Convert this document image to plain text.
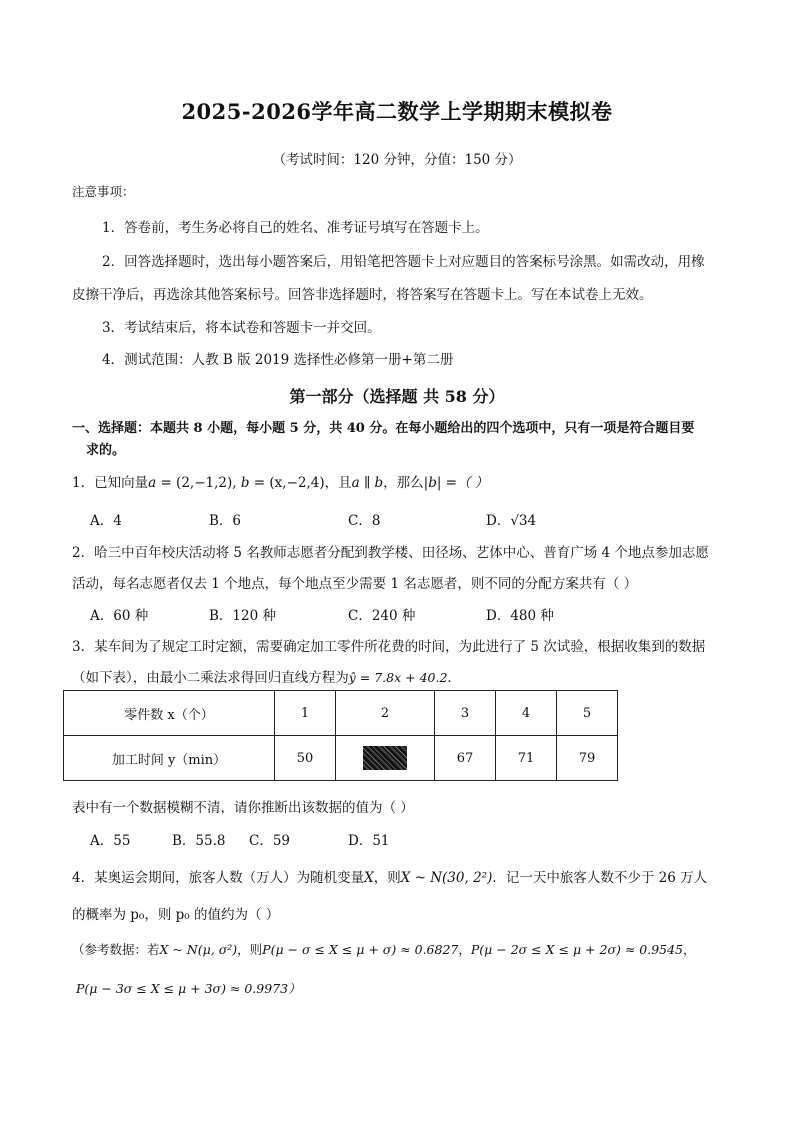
2025-2026学年高二数学上学期期末模拟卷
（考试时间：120 分钟，分值：150 分）
注意事项：
1．答卷前，考生务必将自己的姓名、准考证号填写在答题卡上。
2．回答选择题时，选出每小题答案后，用铅笔把答题卡上对应题目的答案标号涂黑。如需改动，用橡
皮擦干净后，再选涂其他答案标号。回答非选择题时，将答案写在答题卡上。写在本试卷上无效。
3．考试结束后，将本试卷和答题卡一并交回。
4．测试范围：人教 B 版 2019 选择性必修第一册+第二册
第一部分（选择题 共 58 分）
一、选择题：本题共 8 小题，每小题 5 分，共 40 分。在每小题给出的四个选项中，只有一项是符合题目要
求的。
1．已知向量a = (2,−1,2), b = (x,−2,4)，且a ∥ b，那么|b| =（ ）
A．4	B．6	C．8	D．√34
2．哈三中百年校庆活动将 5 名教师志愿者分配到教学楼、田径场、艺体中心、普育广场 4 个地点参加志愿
活动，每名志愿者仅去 1 个地点，每个地点至少需要 1 名志愿者，则不同的分配方案共有（ ）
A．60 种	B．120 种	C．240 种	D．480 种
3．某车间为了规定工时定额，需要确定加工零件所花费的时间，为此进行了 5 次试验，根据收集到的数据
（如下表），由最小二乘法求得回归直线方程为ŷ = 7.8x + 40.2．
零件数 x（个）	1	2	3	4	5
加工时间 y（min）	50		67	71	79
表中有一个数据模糊不清，请你推断出该数据的值为（ ）
A．55	B．55.8 C．59	D．51
4．某奥运会期间，旅客人数（万人）为随机变量X，则X ~ N(30, 2²)．记一天中旅客人数不少于 26 万人
的概率为 p₀，则 p₀ 的值约为（ ）
（参考数据：若X ~ N(μ, σ²)，则P(μ − σ ≤ X ≤ μ + σ) ≈ 0.6827，P(μ − 2σ ≤ X ≤ μ + 2σ) ≈ 0.9545，
P(μ − 3σ ≤ X ≤ μ + 3σ) ≈ 0.9973）
